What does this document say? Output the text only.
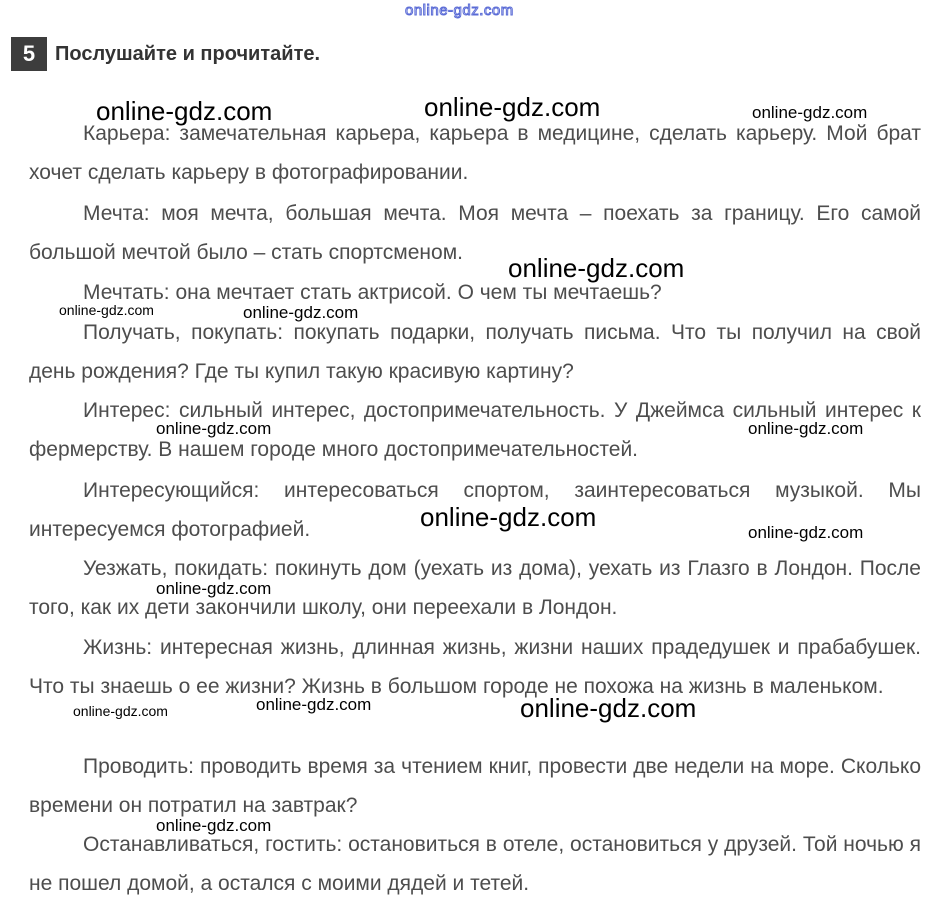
online-gdz.com
5 Послушайте и прочитайте.

Карьера: замечательная карьера, карьера в медицине, сделать карьеру. Мой брат хочет сделать карьеру в фотографировании.

Мечта: моя мечта, большая мечта. Моя мечта – поехать за границу. Его самой большой мечтой было – стать спортсменом.

Мечтать: она мечтает стать актрисой. О чем ты мечтаешь?

Получать, покупать: покупать подарки, получать письма. Что ты получил на свой день рождения? Где ты купил такую красивую картину?

Интерес: сильный интерес, достопримечательность. У Джеймса сильный интерес к фермерству. В нашем городе много достопримечательностей.

Интересующийся: интересоваться спортом, заинтересоваться музыкой. Мы интересуемся фотографией.

Уезжать, покидать: покинуть дом (уехать из дома), уехать из Глазго в Лондон. После того, как их дети закончили школу, они переехали в Лондон.

Жизнь: интересная жизнь, длинная жизнь, жизни наших прадедушек и прабабушек. Что ты знаешь о ее жизни? Жизнь в большом городе не похожа на жизнь в маленьком.

Проводить: проводить время за чтением книг, провести две недели на море. Сколько времени он потратил на завтрак?

Останавливаться, гостить: остановиться в отеле, остановиться у друзей. Той ночью я не пошел домой, а остался с моими дядей и тетей.

online-gdz.com	online-gdz.com	online-gdz.com
online-gdz.com
online-gdz.com	online-gdz.com
online-gdz.com	online-gdz.com
online-gdz.com
online-gdz.com
online-gdz.com
online-gdz.com	online-gdz.com	online-gdz.com
online-gdz.com
